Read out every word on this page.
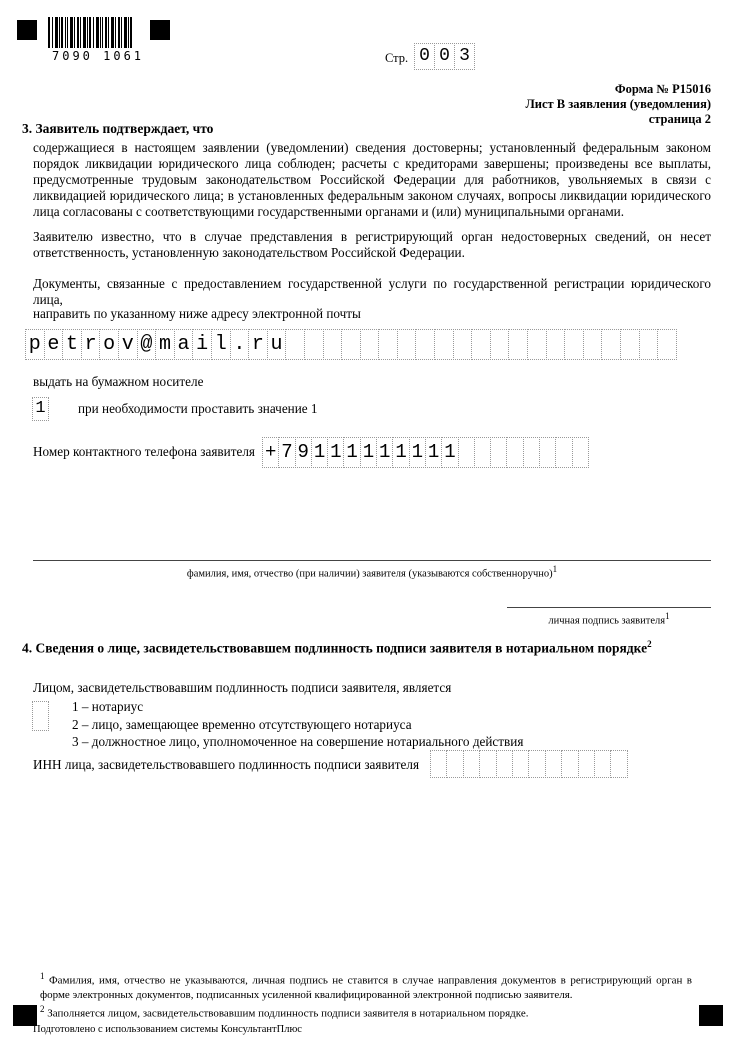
7090 1061	Стр. 0 0 3
Форма № Р15016
Лист В заявления (уведомления)
страница 2
3. Заявитель подтверждает, что
содержащиеся в настоящем заявлении (уведомлении) сведения достоверны; установленный федеральным законом порядок ликвидации юридического лица соблюден; расчеты с кредиторами завершены; произведены все выплаты, предусмотренные трудовым законодательством Российской Федерации для работников, увольняемых в связи с ликвидацией юридического лица; в установленных федеральным законом случаях, вопросы ликвидации юридического лица согласованы с соответствующими государственными органами и (или) муниципальными органами.
Заявителю известно, что в случае представления в регистрирующий орган недостоверных сведений, он несет ответственность, установленную законодательством Российской Федерации.
Документы, связанные с предоставлением государственной услуги по государственной регистрации юридического лица,
направить по указанному ниже адресу электронной почты
p e t r o v @ m a i l . r u
выдать на бумажном носителе
1 при необходимости проставить значение 1
Номер контактного телефона заявителя + 7 9 1 1 1 1 1 1 1 1 1
фамилия, имя, отчество (при наличии) заявителя (указываются собственноручно)$^1$
личная подпись заявителя$^1$
4. Сведения о лице, засвидетельствовавшем подлинность подписи заявителя в нотариальном порядке$^2$
Лицом, засвидетельствовавшим подлинность подписи заявителя, является
1 – нотариус
2 – лицо, замещающее временно отсутствующего нотариуса
3 – должностное лицо, уполномоченное на совершение нотариального действия
ИНН лица, засвидетельствовавшего подлинность подписи заявителя
$^1$ Фамилия, имя, отчество не указываются, личная подпись не ставится в случае направления документов в регистрирующий орган в форме электронных документов, подписанных усиленной квалифицированной электронной подписью заявителя.
$^2$ Заполняется лицом, засвидетельствовавшим подлинность подписи заявителя в нотариальном порядке.
Подготовлено с использованием системы КонсультантПлюс
